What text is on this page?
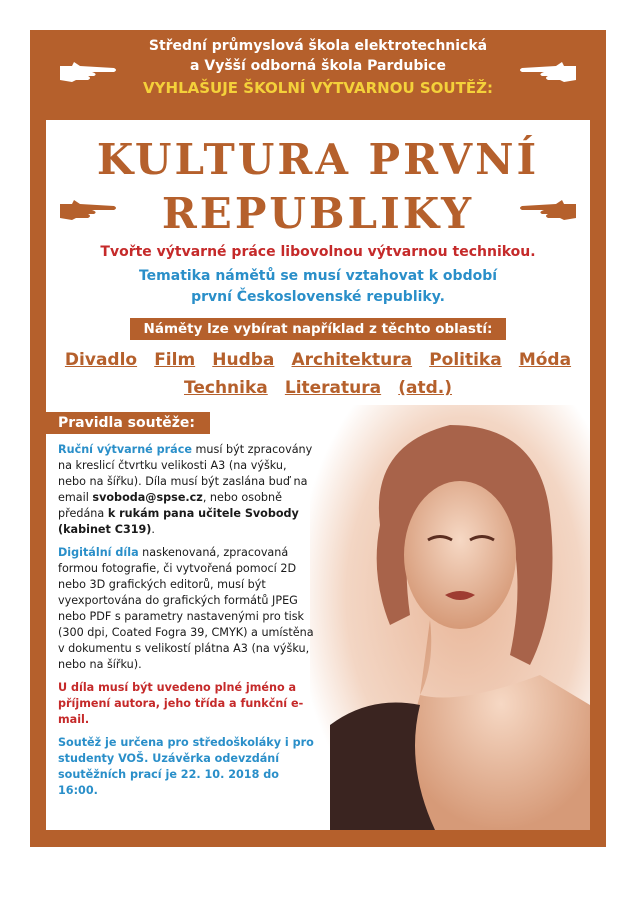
Střední průmyslová škola elektrotechnická
a Vyšší odborná škola Pardubice
VYHLAŠUJE ŠKOLNÍ VÝTVARNOU SOUTĚŽ:
KULTURA PRVNÍ
REPUBLIKY
Tvořte výtvarné práce libovolnou výtvarnou technikou.
Tematika námětů se musí vztahovat k období
první Československé republiky.
Náměty lze vybírat například z těchto oblastí:
Divadlo Film Hudba Architektura Politika Móda
Technika Literatura (atd.)
Pravidla soutěže:

Ruční výtvarné práce musí být zpracovány na kreslicí čtvrtku velikosti A3 (na výšku, nebo na šířku). Díla musí být zaslána buď na email svoboda@spse.cz, nebo osobně předána k rukám pana učitele Svobody (kabinet C319).

Digitální díla naskenovaná, zpracovaná formou fotografie, či vytvořená pomocí 2D nebo 3D grafických editorů, musí být vyexportována do grafických formátů JPEG nebo PDF s parametry nastavenými pro tisk (300 dpi, Coated Fogra 39, CMYK) a umístěna v dokumentu s velikostí plátna A3 (na výšku, nebo na šířku).

U díla musí být uvedeno plné jméno a příjmení autora, jeho třída a funkční e-mail.

Soutěž je určena pro středoškoláky i pro studenty VOŠ. Uzávěrka odevzdání soutěžních prací je 22. 10. 2018 do 16:00.
